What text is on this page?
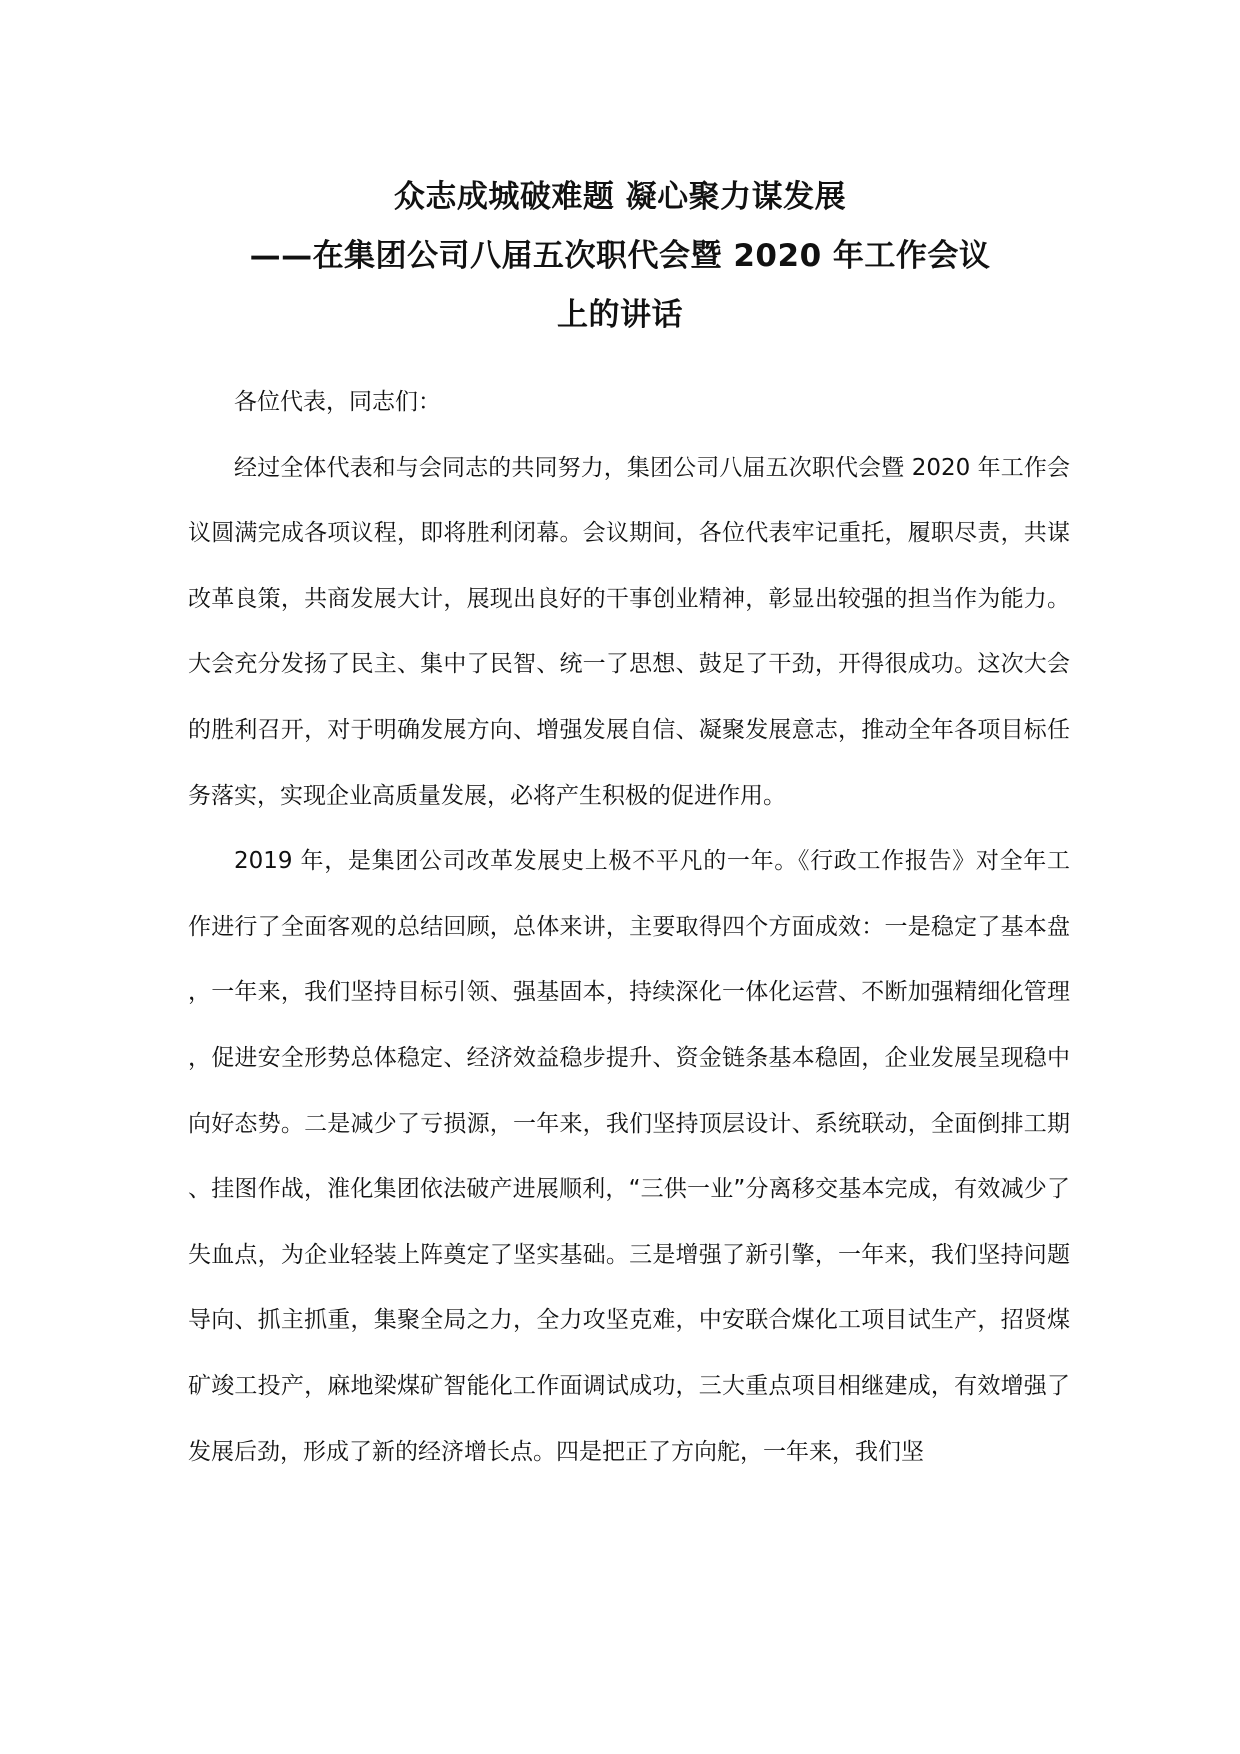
众志成城破难题 凝心聚力谋发展
——在集团公司八届五次职代会暨 2020 年工作会议
上的讲话

各位代表，同志们：

经过全体代表和与会同志的共同努力，集团公司八届五次职代会暨 2020 年工作会议圆满完成各项议程，即将胜利闭幕。会议期间，各位代表牢记重托，履职尽责，共谋改革良策，共商发展大计，展现出良好的干事创业精神，彰显出较强的担当作为能力。大会充分发扬了民主、集中了民智、统一了思想、鼓足了干劲，开得很成功。这次大会的胜利召开，对于明确发展方向、增强发展自信、凝聚发展意志，推动全年各项目标任务落实，实现企业高质量发展，必将产生积极的促进作用。

2019 年，是集团公司改革发展史上极不平凡的一年。《行政工作报告》对全年工作进行了全面客观的总结回顾，总体来讲，主要取得四个方面成效：一是稳定了基本盘，一年来，我们坚持目标引领、强基固本，持续深化一体化运营、不断加强精细化管理，促进安全形势总体稳定、经济效益稳步提升、资金链条基本稳固，企业发展呈现稳中向好态势。二是减少了亏损源，一年来，我们坚持顶层设计、系统联动，全面倒排工期、挂图作战，淮化集团依法破产进展顺利，“三供一业”分离移交基本完成，有效减少了失血点，为企业轻装上阵奠定了坚实基础。三是增强了新引擎，一年来，我们坚持问题导向、抓主抓重，集聚全局之力，全力攻坚克难，中安联合煤化工项目试生产，招贤煤矿竣工投产，麻地梁煤矿智能化工作面调试成功，三大重点项目相继建成，有效增强了发展后劲，形成了新的经济增长点。四是把正了方向舵，一年来，我们坚
